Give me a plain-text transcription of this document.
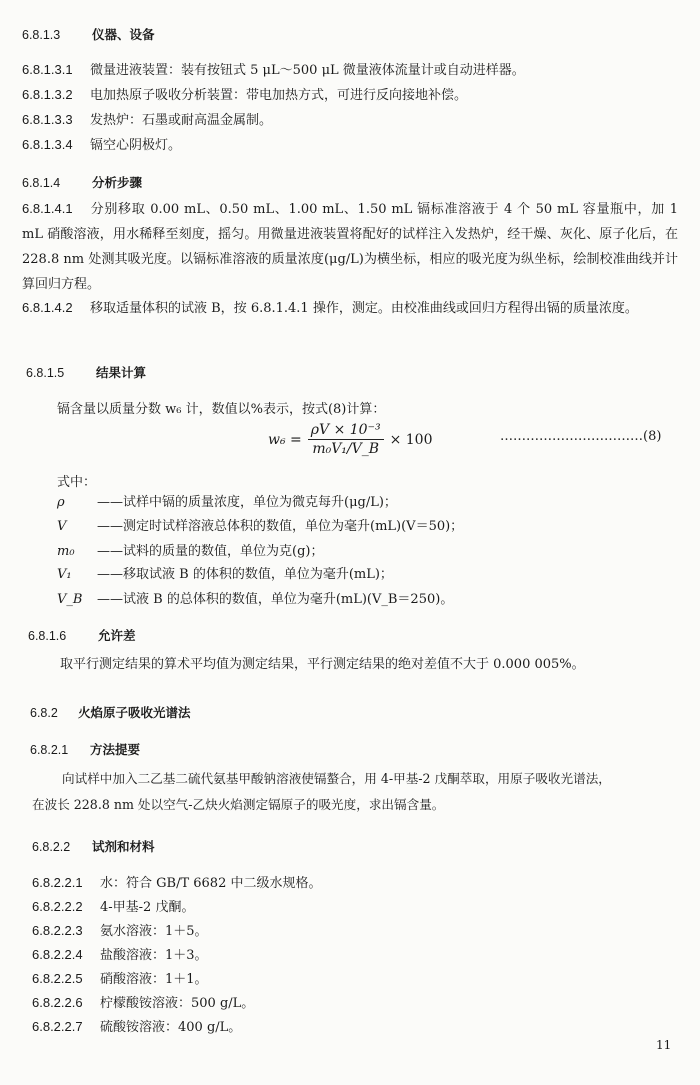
6.8.1.3	仪器、设备
6.8.1.3.1 微量进液装置：装有按钮式 5 μL～500 μL 微量液体流量计或自动进样器。
6.8.1.3.2 电加热原子吸收分析装置：带电加热方式，可进行反向接地补偿。
6.8.1.3.3 发热炉：石墨或耐高温金属制。
6.8.1.3.4 镉空心阴极灯。
6.8.1.4	分析步骤
6.8.1.4.1 分别移取 0.00 mL、0.50 mL、1.00 mL、1.50 mL 镉标准溶液于 4 个 50 mL 容量瓶中，加 1 mL 硝酸溶液，用水稀释至刻度，摇匀。用微量进液装置将配好的试样注入发热炉，经干燥、灰化、原子化后，在 228.8 nm 处测其吸光度。以镉标准溶液的质量浓度(μg/L)为横坐标，相应的吸光度为纵坐标，绘制校准曲线并计算回归方程。
6.8.1.4.2 移取适量体积的试液 B，按 6.8.1.4.1 操作，测定。由校准曲线或回归方程得出镉的质量浓度。
6.8.1.5	结果计算
镉含量以质量分数 w₆ 计，数值以%表示，按式(8)计算：
$w_6 = \frac{\text{ρV × 10⁻³}}{\text{m₀V₁/V\_B}} \times 100$	……………………………(8)
式中：
ρ ——试样中镉的质量浓度，单位为微克每升(μg/L)；
V ——测定时试样溶液总体积的数值，单位为毫升(mL)(V＝50)；
m₀ ——试料的质量的数值，单位为克(g)；
V₁ ——移取试液 B 的体积的数值，单位为毫升(mL)；
V_B ——试液 B 的总体积的数值，单位为毫升(mL)(V_B＝250)。
6.8.1.6	允许差
取平行测定结果的算术平均值为测定结果，平行测定结果的绝对差值不大于 0.000 005%。
6.8.2 火焰原子吸收光谱法
6.8.2.1 方法提要
向试样中加入二乙基二硫代氨基甲酸钠溶液使镉螯合，用 4-甲基-2 戊酮萃取，用原子吸收光谱法，
在波长 228.8 nm 处以空气-乙炔火焰测定镉原子的吸光度，求出镉含量。
6.8.2.2 试剂和材料
6.8.2.2.1 水：符合 GB/T 6682 中二级水规格。
6.8.2.2.2 4-甲基-2 戊酮。
6.8.2.2.3 氨水溶液：1＋5。
6.8.2.2.4 盐酸溶液：1＋3。
6.8.2.2.5 硝酸溶液：1＋1。
6.8.2.2.6 柠檬酸铵溶液：500 g/L。
6.8.2.2.7 硫酸铵溶液：400 g/L。
11
